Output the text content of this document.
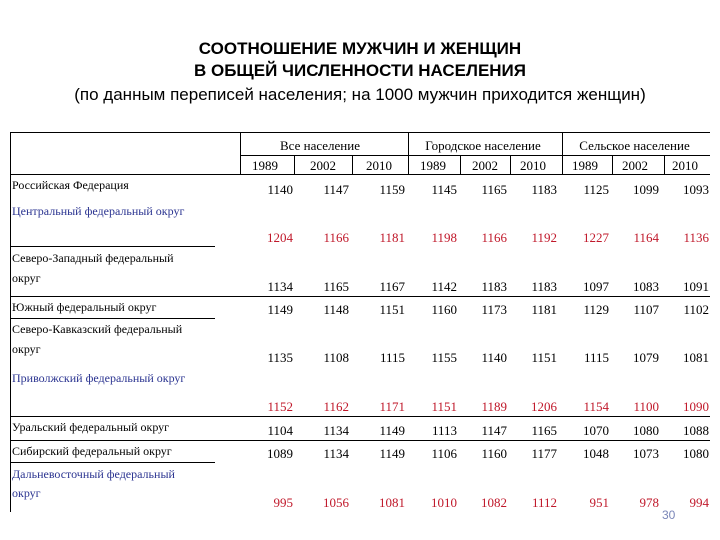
СООТНОШЕНИЕ МУЖЧИН И ЖЕНЩИН
В ОБЩЕЙ ЧИСЛЕННОСТИ НАСЕЛЕНИЯ
(по данным переписей населения; на 1000 мужчин приходится женщин)
Все население	Городское население	Сельское население
1989	2002	2010	1989	2002	2010	1989	2002	2010
Российская Федерация	1140	1147	1159	1145	1165	1183	1125	1099	1093
Центральный федеральный округ
1204	1166	1181	1198	1166	1192	1227	1164	1136
Северо-Западный федеральный
округ
1134	1165	1167	1142	1183	1183	1097	1083	1091
Южный федеральный округ	1149	1148	1151	1160	1173	1181	1129	1107	1102
Северо-Кавказский федеральный
округ
1135	1108	1115	1155	1140	1151	1115	1079	1081
Приволжский федеральный округ
1152	1162	1171	1151	1189	1206	1154	1100	1090
Уральский федеральный округ	1104	1134	1149	1113	1147	1165	1070	1080	1088
Сибирский федеральный округ	1089	1134	1149	1106	1160	1177	1048	1073	1080
Дальневосточный федеральный
округ
995	1056	1081	1010	1082	1112	951	978	994
30
